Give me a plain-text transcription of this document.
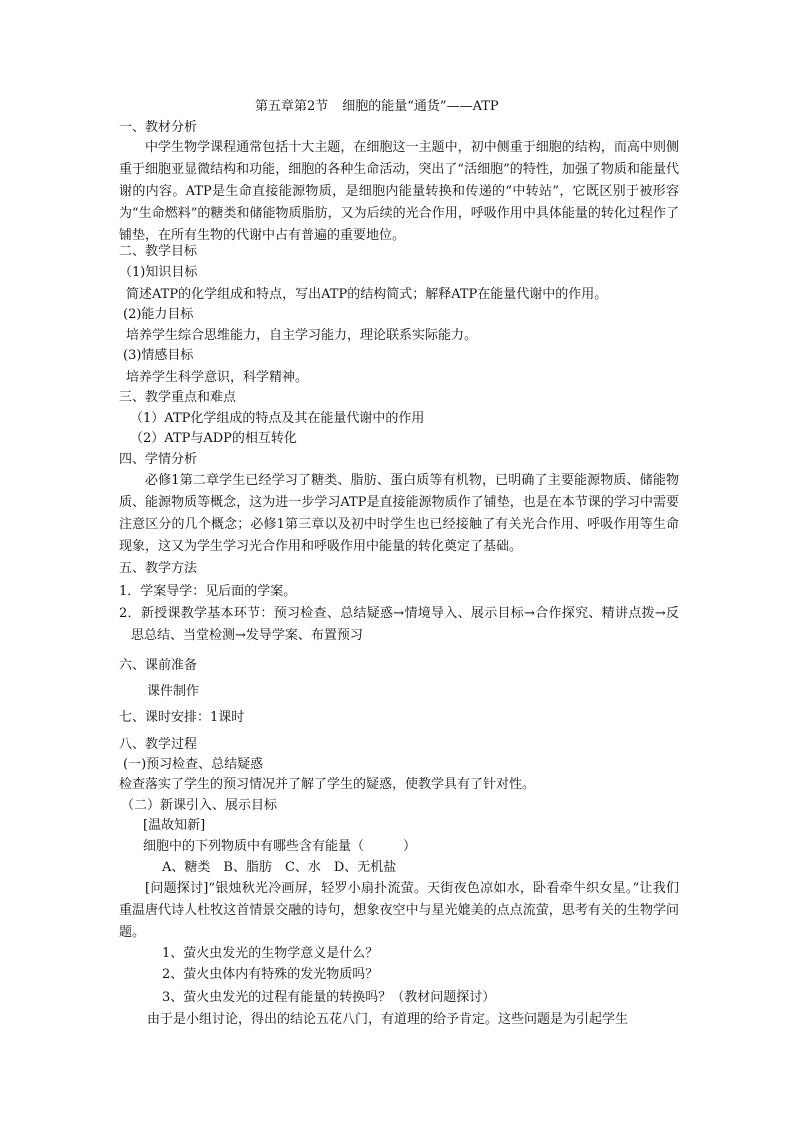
第五章第2节 细胞的能量“通货”——ATP
一、教材分析

中学生物学课程通常包括十大主题，在细胞这一主题中，初中侧重于细胞的结构，而高中则侧重于细胞亚显微结构和功能，细胞的各种生命活动，突出了“活细胞”的特性，加强了物质和能量代谢的内容。ATP是生命直接能源物质，是细胞内能量转换和传递的“中转站”，它既区别于被形容为“生命燃料”的糖类和储能物质脂肪，又为后续的光合作用，呼吸作用中具体能量的转化过程作了铺垫，在所有生物的代谢中占有普遍的重要地位。

二、教学目标
（1)知识目标
简述ATP的化学组成和特点，写出ATP的结构简式；解释ATP在能量代谢中的作用。
(2)能力目标
培养学生综合思维能力，自主学习能力，理论联系实际能力。
(3)情感目标
培养学生科学意识，科学精神。
三、教学重点和难点
（1）ATP化学组成的特点及其在能量代谢中的作用
（2）ATP与ADP的相互转化
四、学情分析

必修1第二章学生已经学习了糖类、脂肪、蛋白质等有机物，已明确了主要能源物质、储能物质、能源物质等概念，这为进一步学习ATP是直接能源物质作了铺垫，也是在本节课的学习中需要注意区分的几个概念；必修1第三章以及初中时学生也已经接触了有关光合作用、呼吸作用等生命现象，这又为学生学习光合作用和呼吸作用中能量的转化奠定了基础。

五、教学方法
1．学案导学：见后面的学案。

2．新授课教学基本环节：预习检查、总结疑惑→情境导入、展示目标→合作探究、精讲点拨→反思总结、当堂检测→发导学案、布置预习

六、课前准备
课件制作
七、课时安排：1课时
八、教学过程
(一)预习检查、总结疑惑
检查落实了学生的预习情况并了解了学生的疑惑，使教学具有了针对性。
（二）新课引入、展示目标
[温故知新]
细胞中的下列物质中有哪些含有能量（　　　）
A、糖类　B、脂肪　C、水　D、无机盐

[问题探讨]“银烛秋光冷画屏，轻罗小扇扑流萤。天街夜色凉如水，卧看牵牛织女星。”让我们重温唐代诗人杜牧这首情景交融的诗句，想象夜空中与星光媲美的点点流萤，思考有关的生物学问题。

1、萤火虫发光的生物学意义是什么？
2、萤火虫体内有特殊的发光物质吗？
3、萤火虫发光的过程有能量的转换吗？（教材问题探讨）
由于是小组讨论，得出的结论五花八门，有道理的给予肯定。这些问题是为引起学生
